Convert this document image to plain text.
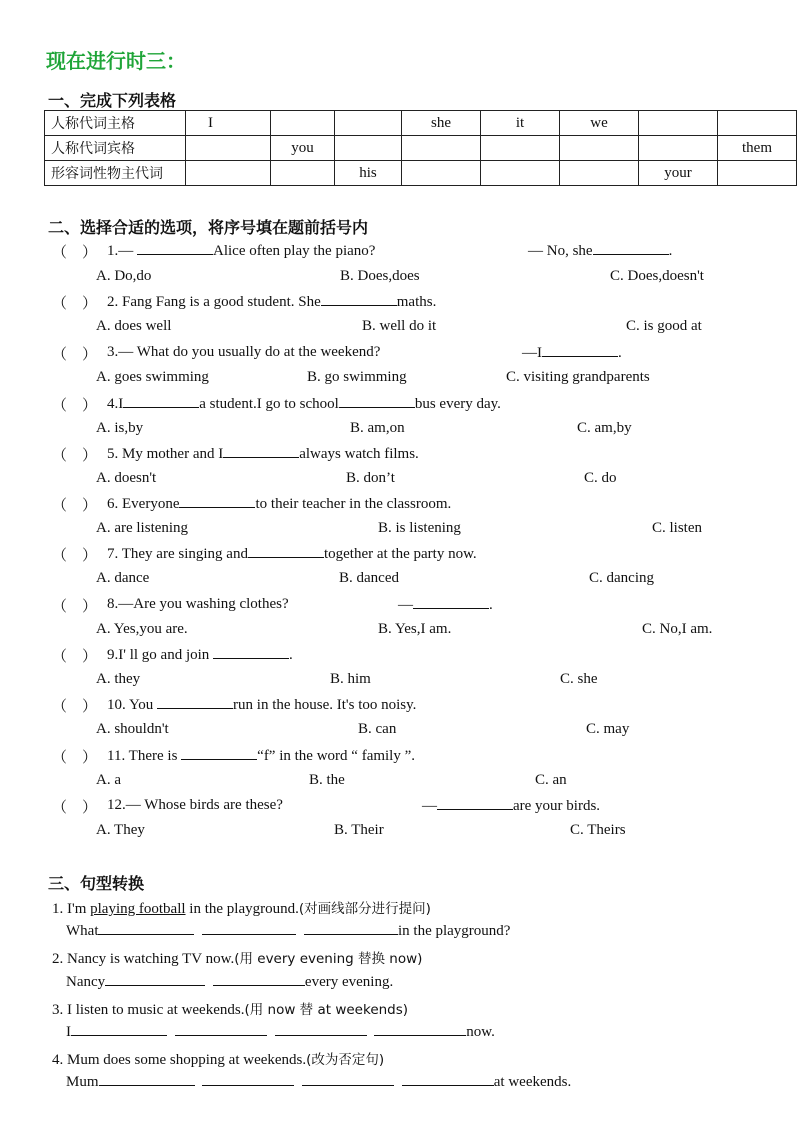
现在进行时三：
一、完成下列表格
人称代词主格	I			she	it	we		
人称代词宾格		you						them
形容词性物主代词			his				your	
二、选择合适的选项，将序号填在题前括号内
（　） 1.—	Alice often play the piano?	— No, she	.
A. Do,do	B. Does,does	C. Does,doesn't
（　） 2. Fang Fang is a good student. She	maths.
A. does well	B. well do it	C. is good at
（　） 3.— What do you usually do at the weekend?	—I	.
A. goes swimming	B. go swimming	C. visiting grandparents
（　） 4.I	a student.I go to school	bus every day.
A. is,by	B. am,on	C. am,by
（　） 5. My mother and I	always watch films.
A. doesn't	B. don’t	C. do
（　） 6. Everyone	to their teacher in the classroom.
A. are listening	B. is listening	C. listen
（　） 7. They are singing and	together at the party now.
A. dance	B. danced	C. dancing
（　） 8.—Are you washing clothes?	—	.
A. Yes,you are.	B. Yes,I am.	C. No,I am.
（　） 9.I' ll go and join	.
A. they	B. him	C. she
（　） 10. You	run in the house. It's too noisy.
A. shouldn't	B. can	C. may
（　） 11. There is	“f” in the word “ family ”.
A. a	B. the	C. an
（　） 12.— Whose birds are these?	—	are your birds.
A. They	B. Their	C. Theirs
三、句型转换
1. I'm playing football in the playground.(对画线部分进行提问)
What	in the playground?
2. Nancy is watching TV now.(用 every evening 替换 now)
Nancy	every evening.
3. I listen to music at weekends.(用 now 替 at weekends)
I	now.
4. Mum does some shopping at weekends.(改为否定句)
Mum	at weekends.
